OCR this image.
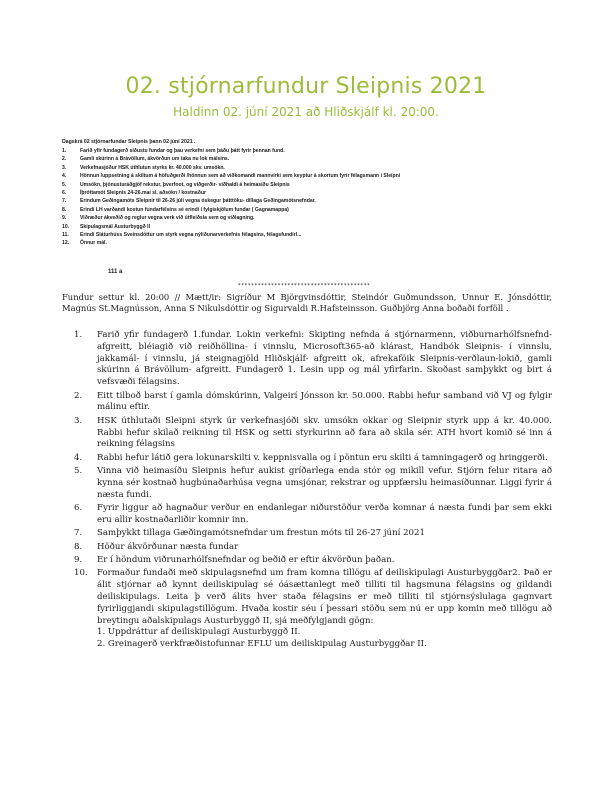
02. stjórnarfundur Sleipnis 2021
Haldinn 02. júní 2021 að Hliðskjálf kl. 20:00.
Dagskrá 02 stjórnarfundar Sleipnis þann 02 júní 2021 .
1.	Farið yfir fundagerð síðustu fundar og þau verkefni sem þáðu þátt fyrir þennan fund.
2.	Gamli skúrinn á Brávöllum, ákvörðun um taka nu lok málsins.
3.	Verkefnasjóður HSK úthlutun styrks kr. 40.000 skv. umsókn.
4.	Hönnun /uppsetning á skiltum á höfuðgerði /hönnun sem að viðkomandi mannvirki sem keyptur á skortum fyrir félagsmann í Sleipni
5.	Umsókn, þjónusturáðgjöf rekstur, þverfoot, og viðgerðir- viðhaldi á heimasíðu Sleipnis
6.	Íþróttamót Sleipnis 24-26.maí sl. aðsókn / kostnaður
7.	Erindum Geðingamóts Sleipnir til 26-26 júlí vegna óskegur þátttöku- dillaga Geðingamótsnefndar.
8.	Erindi LH varðandi kostun fundarfélsíns sé erindi í fylgiskjölum fundar ( Gagnamappa)
9.	Viðræður ákveðið og reglur vegna verk við útfleiðsla sem og viðlagning.
10.	Skipulagsmál Austurbyggð II
11.	Erindi Sláturhúss Sveinsdóttur um styrk vegna nýliðunarverkefnis félagsins, félagsfundirl...
12.	Önnur mál.
111 a
****************************************
Fundur settur kl. 20:00 // Mætt/ir: Sigríður M Björgvinsdóttir, Steindór Guðmundsson, Unnur E. Jónsdóttir, Magnús St.Magnússon, Anna S Nikulsdóttir og Sigurvaldi R.Hafsteinsson. Guðbjörg Anna boðaði forföll .
1.	Farið yfir fundagerð 1.fundar. Lokin verkefni: Skipting nefnda á stjórnarmenn, viðburnarhólfsnefnd- afgreitt, bléiagið við reiðhöllina- í vinnslu, Microsoft365-að klárast, Handbók Sleipnis- í vinnslu, jakkamál- í vinnslu, já steignagjöld Hliðskjálf- afgreitt ok, afrekaföik Sleipnis-verðlaun-lokið, gamli skúrinn á Brávöllum- afgreitt. Fundagerð 1. Lesin upp og mál yfirfarin. Skoðast samþykkt og birt á vefsvæði félagsins.
2.	Eitt tilboð barst í gamla dómskúrinn, Valgeirí Jónsson kr. 50.000. Rabbi hefur samband við VJ og fylgir málinu eftir.
3.	HSK úthlutaði Sleipni styrk úr verkefnasjóði skv. umsókn okkar og Sleipnir styrk upp á kr. 40.000. Rabbi hefur skilað reikning til HSK og setti styrkurinn að fara að skila sér. ATH hvort komið sé inn á reikning félagsins
4.	Rabbi hefur látið gera lokunarskilti v. keppnisvalla og í pöntun eru skilti á tamningagerð og hringgerði.
5.	Vinna við heimasíðu Sleipnis hefur aukist gríðarlega enda stór og mikill vefur. Stjórn felur ritara að kynna sér kostnað hugbúnaðarhúsa vegna umsjónar, rekstrar og uppfærslu heimasíðunnar. Liggi fyrir á næsta fundi.
6.	Fyrir liggur að hagnaður verður en endanlegar niðurstöður verða komnar á næsta fundi þar sem ekki eru allir kostnaðarliðir komnir inn.
7.	Samþykkt tillaga Gæðingamótsnefndar um frestun móts til 26-27 júní 2021
8.	Höður ákvörðunar næsta fundar
9.	Er í höndum viðrunarhólfsnefndar og beðið er eftir ákvörðun þaðan.
10.	Formaður fundaði með skipulagsnefnd um fram komna tillögu af deiliskipulagi Austurbyggðar2. Það er álit stjórnar að kynnt deiliskipulag sé óásættanlegt með tilliti til hagsmuna félagsins og gildandi deiliskipulags. Leita þ verð álits hver staða félagsins er með tilliti til stjórnsýslulaga gagnvart fyrirliggjandi skipulagstillögum. Hvaða kostir séu í þessari stöðu sem nú er upp komin með tillögu að breytingu aðalskipulags Austurbyggð II, sjá meðfylgjandi gögn:
1. Uppdráttur af deiliskipulagi Austurbyggð II.
2. Greinagerð verkfræðistofunnar EFLU um deiliskipulag Austurbyggðar II.
